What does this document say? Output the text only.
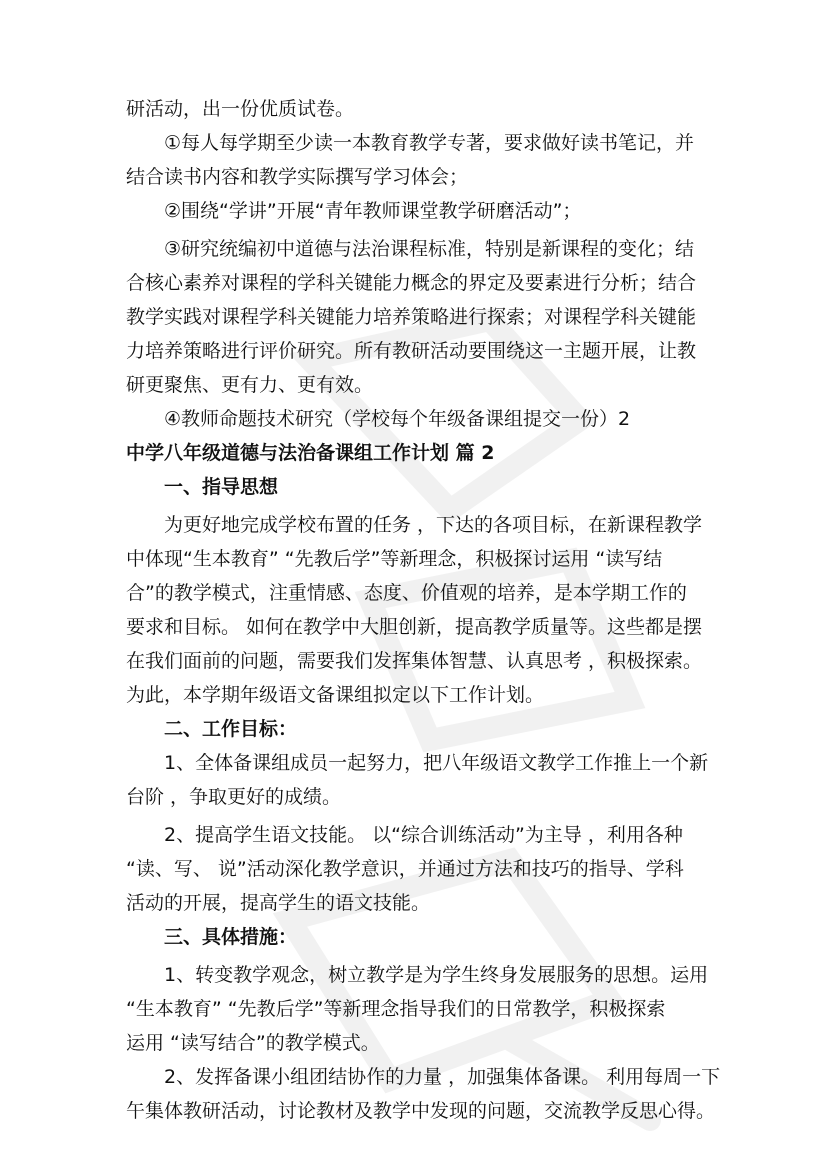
研活动，出一份优质试卷。
①每人每学期至少读一本教育教学专著，要求做好读书笔记，并
结合读书内容和教学实际撰写学习体会；
②围绕“学讲”开展“青年教师课堂教学研磨活动”；
③研究统编初中道德与法治课程标准，特别是新课程的变化；结
合核心素养对课程的学科关键能力概念的界定及要素进行分析；结合
教学实践对课程学科关键能力培养策略进行探索；对课程学科关键能
力培养策略进行评价研究。所有教研活动要围绕这一主题开展，让教
研更聚焦、更有力、更有效。
④教师命题技术研究（学校每个年级备课组提交一份）2
中学八年级道德与法治备课组工作计划 篇 2
一、指导思想
为更好地完成学校布置的任务 ，下达的各项目标，在新课程教学
中体现“生本教育” “先教后学”等新理念，积极探讨运用 “读写结
合”的教学模式，注重情感、态度、价值观的培养，是本学期工作的
要求和目标。 如何在教学中大胆创新，提高教学质量等。这些都是摆
在我们面前的问题，需要我们发挥集体智慧、认真思考 ，积极探索。
为此，本学期年级语文备课组拟定以下工作计划。
二、工作目标：
1、全体备课组成员一起努力，把八年级语文教学工作推上一个新
台阶 ，争取更好的成绩。
2、提高学生语文技能。 以“综合训练活动”为主导 ，利用各种
“读、写、 说”活动深化教学意识，并通过方法和技巧的指导、学科
活动的开展，提高学生的语文技能。
三、具体措施：
1、转变教学观念，树立教学是为学生终身发展服务的思想。运用
“生本教育” “先教后学”等新理念指导我们的日常教学，积极探索
运用 “读写结合”的教学模式。
2、发挥备课小组团结协作的力量 ，加强集体备课。 利用每周一下
午集体教研活动，讨论教材及教学中发现的问题，交流教学反思心得。
